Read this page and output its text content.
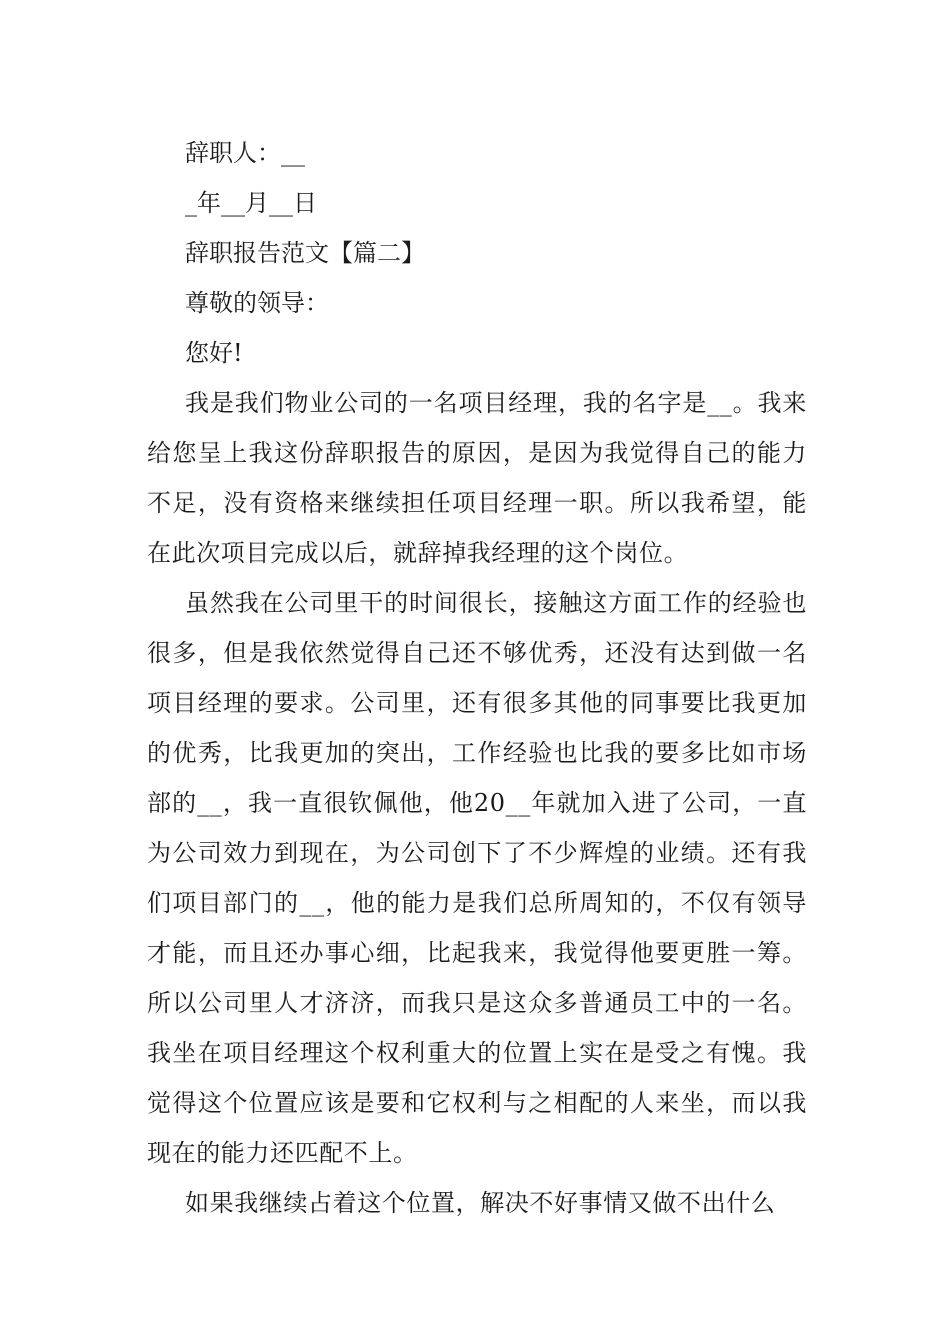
辞职人：__

_年__月__日

辞职报告范文【篇二】

尊敬的领导：

您好!

我是我们物业公司的一名项目经理，我的名字是__。我来给您呈上我这份辞职报告的原因，是因为我觉得自己的能力不足，没有资格来继续担任项目经理一职。所以我希望，能在此次项目完成以后，就辞掉我经理的这个岗位。

虽然我在公司里干的时间很长，接触这方面工作的经验也很多，但是我依然觉得自己还不够优秀，还没有达到做一名项目经理的要求。公司里，还有很多其他的同事要比我更加的优秀，比我更加的突出，工作经验也比我的要多比如市场部的__，我一直很钦佩他，他20__年就加入进了公司，一直为公司效力到现在，为公司创下了不少辉煌的业绩。还有我们项目部门的__，他的能力是我们总所周知的，不仅有领导才能，而且还办事心细，比起我来，我觉得他要更胜一筹。所以公司里人才济济，而我只是这众多普通员工中的一名。我坐在项目经理这个权利重大的位置上实在是受之有愧。我觉得这个位置应该是要和它权利与之相配的人来坐，而以我现在的能力还匹配不上。

如果我继续占着这个位置，解决不好事情又做不出什么
